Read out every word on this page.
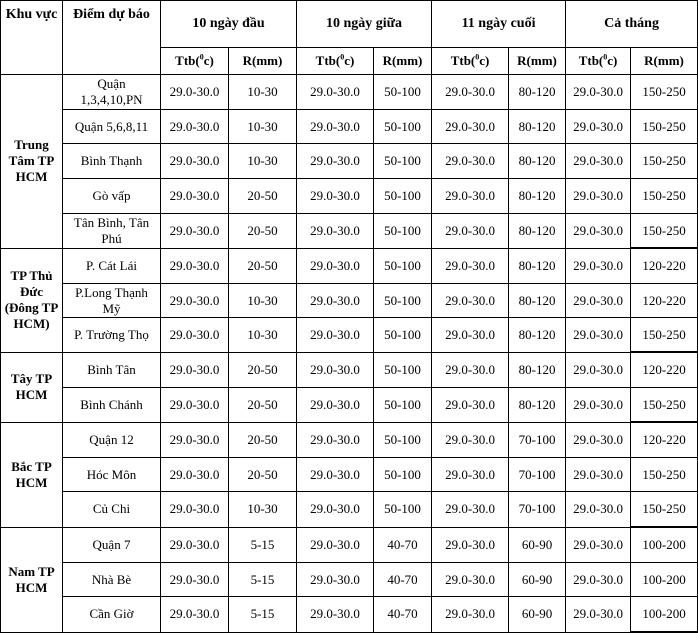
Khu vực	Điểm dự báo	10 ngày đầu		10 ngày giữa		11 ngày cuối		Cả tháng	
		Ttb($^0$c)	R(mm)	Ttb($^0$c)	R(mm)	Ttb($^0$c)	R(mm)	Ttb($^0$c)	R(mm)
Trung Tâm TP HCM	Quận 1,3,4,10,PN	29.0-30.0	10-30	29.0-30.0	50-100	29.0-30.0	80-120	29.0-30.0	150-250
	Quận 5,6,8,11	29.0-30.0	10-30	29.0-30.0	50-100	29.0-30.0	80-120	29.0-30.0	150-250
	Bình Thạnh	29.0-30.0	10-30	29.0-30.0	50-100	29.0-30.0	80-120	29.0-30.0	150-250
	Gò vấp	29.0-30.0	20-50	29.0-30.0	50-100	29.0-30.0	80-120	29.0-30.0	150-250
	Tân Bình, Tân Phú	29.0-30.0	20-50	29.0-30.0	50-100	29.0-30.0	80-120	29.0-30.0	150-250
TP Thủ Đức (Đông TP HCM)	P. Cát Lái	29.0-30.0	20-50	29.0-30.0	50-100	29.0-30.0	80-120	29.0-30.0	120-220
	P.Long Thạnh Mỹ	29.0-30.0	10-30	29.0-30.0	50-100	29.0-30.0	80-120	29.0-30.0	120-220
	P. Trường Thọ	29.0-30.0	10-30	29.0-30.0	50-100	29.0-30.0	80-120	29.0-30.0	150-250
Tây TP HCM	Bình Tân	29.0-30.0	20-50	29.0-30.0	50-100	29.0-30.0	80-120	29.0-30.0	120-220
	Bình Chánh	29.0-30.0	20-50	29.0-30.0	50-100	29.0-30.0	80-120	29.0-30.0	150-250
Bắc TP HCM	Quận 12	29.0-30.0	20-50	29.0-30.0	50-100	29.0-30.0	70-100	29.0-30.0	120-220
	Hóc Môn	29.0-30.0	20-50	29.0-30.0	50-100	29.0-30.0	70-100	29.0-30.0	150-250
	Củ Chi	29.0-30.0	10-30	29.0-30.0	50-100	29.0-30.0	70-100	29.0-30.0	150-250
Nam TP HCM	Quận 7	29.0-30.0	5-15	29.0-30.0	40-70	29.0-30.0	60-90	29.0-30.0	100-200
	Nhà Bè	29.0-30.0	5-15	29.0-30.0	40-70	29.0-30.0	60-90	29.0-30.0	100-200
	Cần Giờ	29.0-30.0	5-15	29.0-30.0	40-70	29.0-30.0	60-90	29.0-30.0	100-200
